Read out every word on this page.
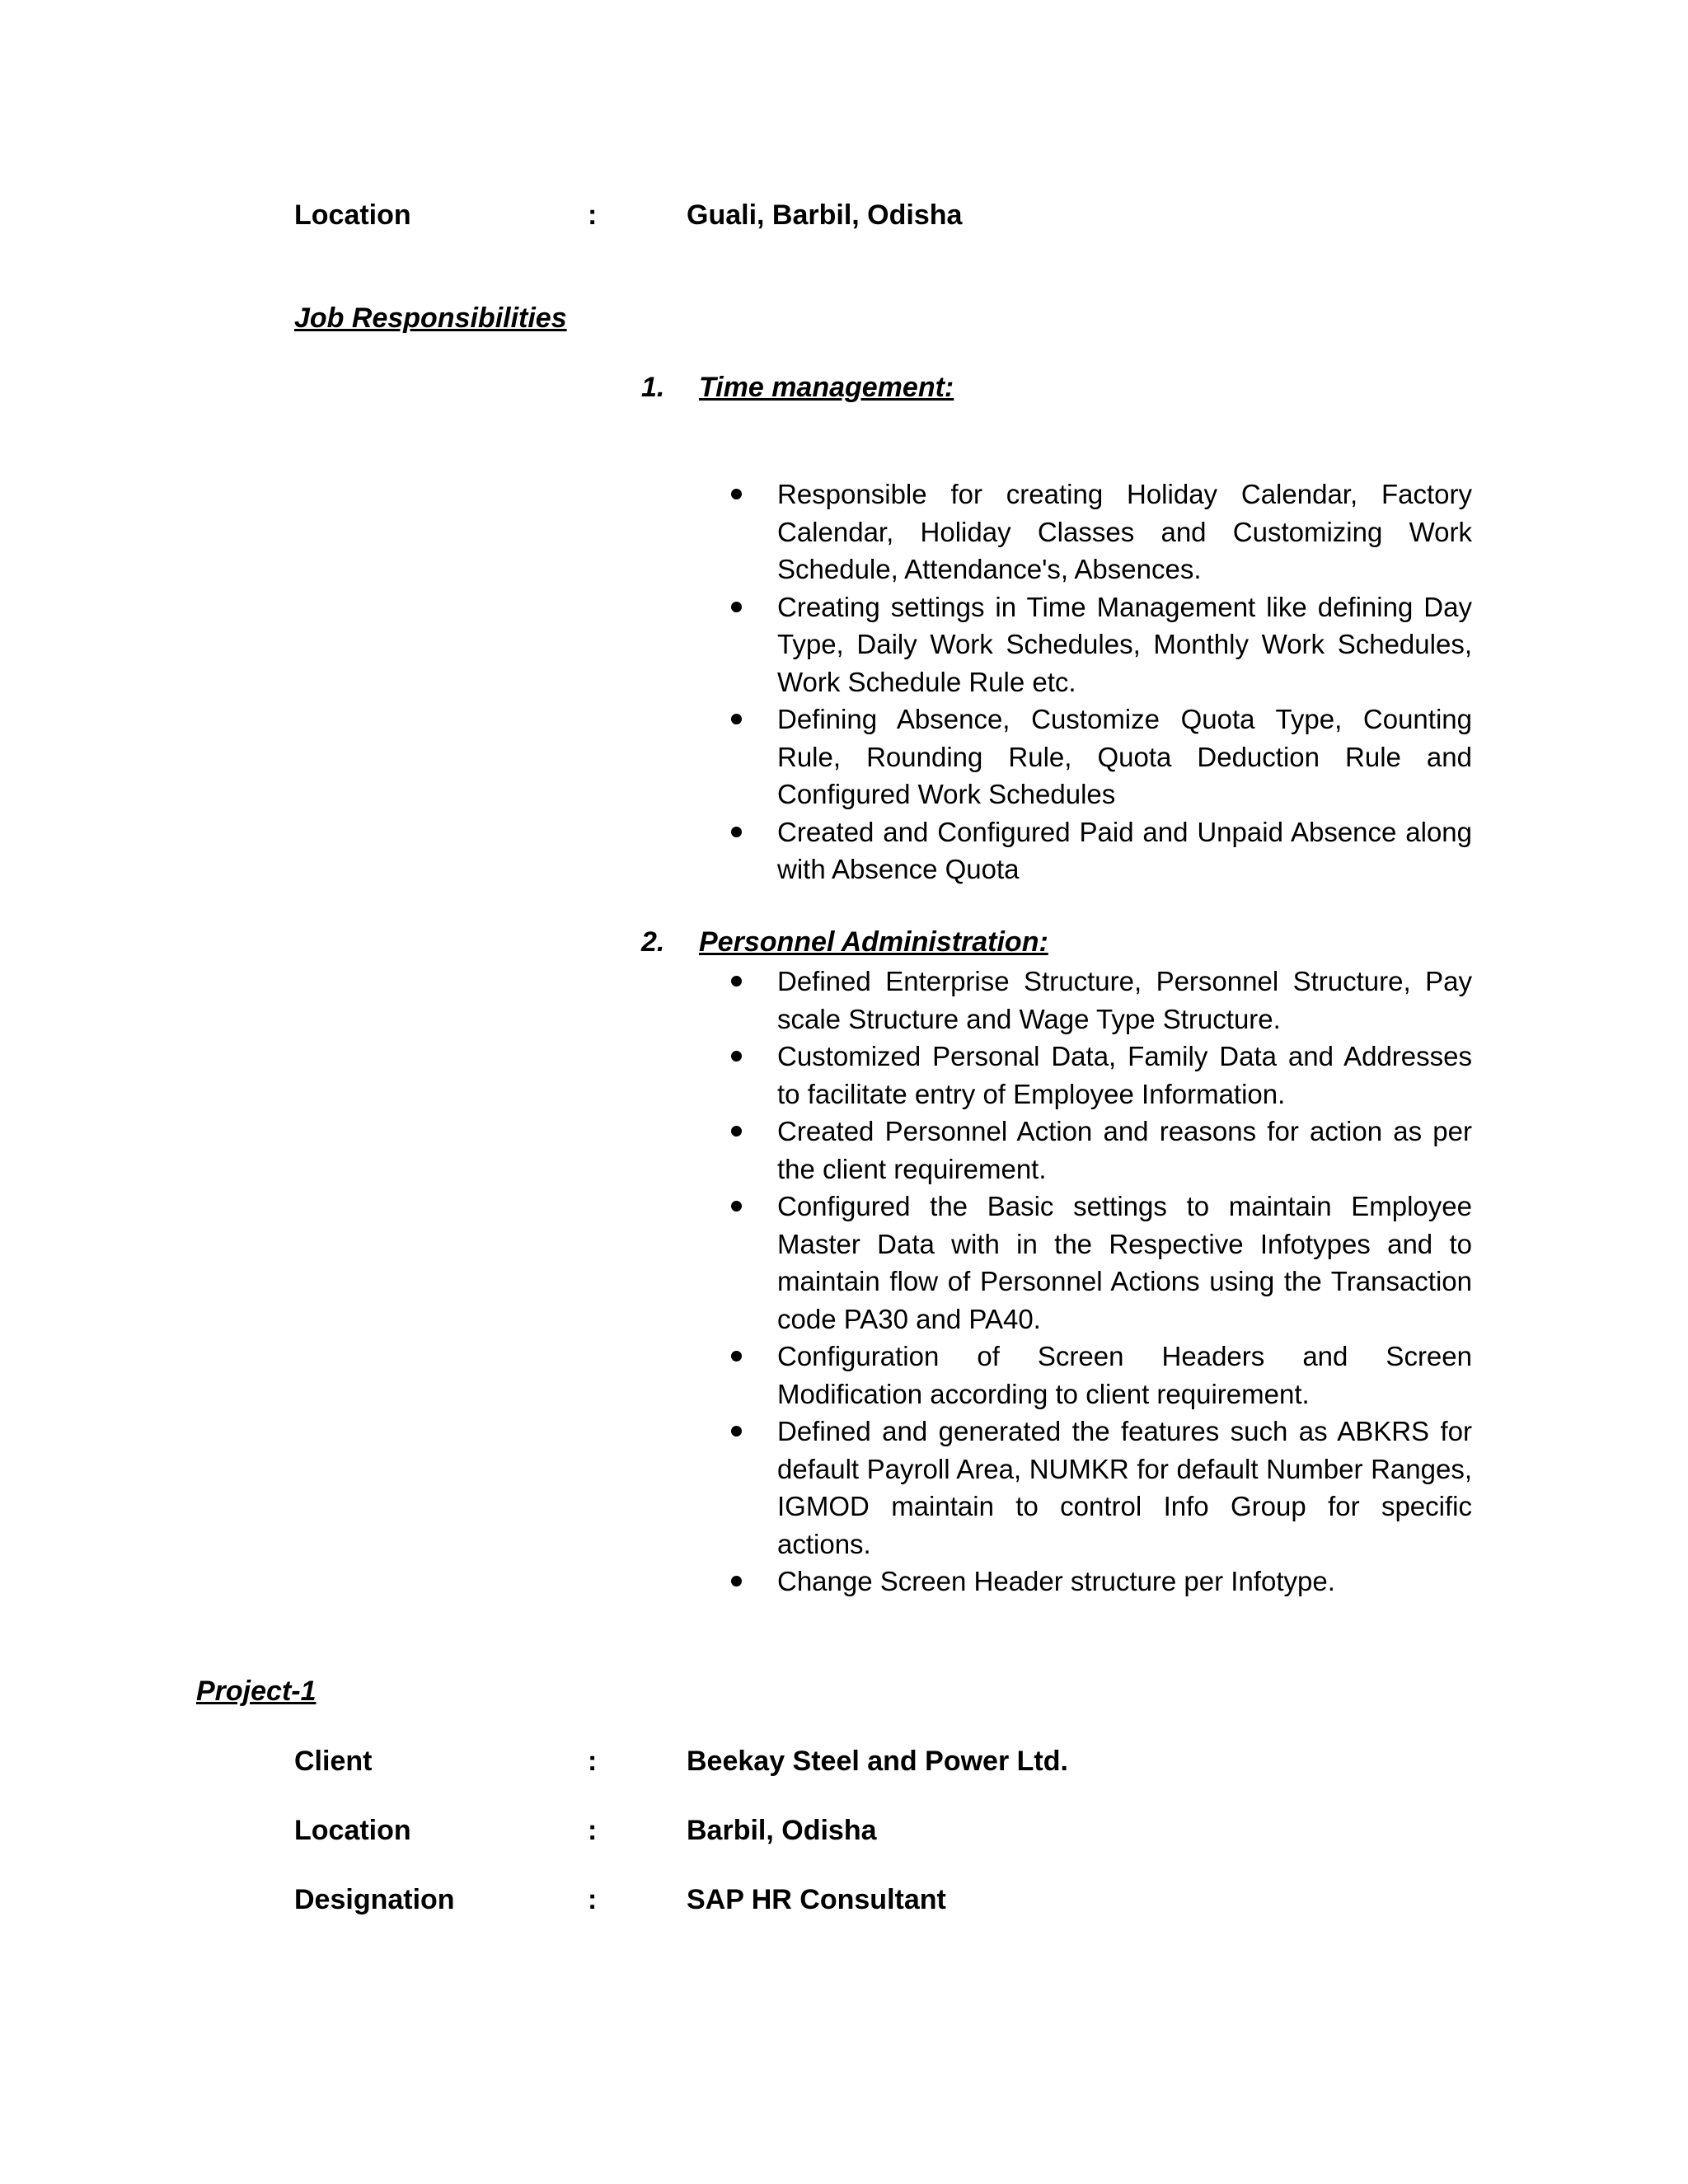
Location	:	Guali, Barbil, Odisha
Job Responsibilities
1. Time management:
Responsible for creating Holiday Calendar, Factory Calendar, Holiday Classes and Customizing Work Schedule, Attendance's, Absences.
Creating settings in Time Management like defining Day Type, Daily Work Schedules, Monthly Work Schedules, Work Schedule Rule etc.
Defining Absence, Customize Quota Type, Counting Rule, Rounding Rule, Quota Deduction Rule and Configured Work Schedules
Created and Configured Paid and Unpaid Absence along with Absence Quota
2. Personnel Administration:
Defined Enterprise Structure, Personnel Structure, Pay scale Structure and Wage Type Structure.
Customized Personal Data, Family Data and Addresses to facilitate entry of Employee Information.
Created Personnel Action and reasons for action as per the client requirement.
Configured the Basic settings to maintain Employee Master Data with in the Respective Infotypes and to maintain flow of Personnel Actions using the Transaction code PA30 and PA40.
Configuration of Screen Headers and Screen Modification according to client requirement.
Defined and generated the features such as ABKRS for default Payroll Area, NUMKR for default Number Ranges, IGMOD maintain to control Info Group for specific actions.
Change Screen Header structure per Infotype.
Project-1
Client	:	Beekay Steel and Power Ltd.
Location	:	Barbil, Odisha
Designation	:	SAP HR Consultant
